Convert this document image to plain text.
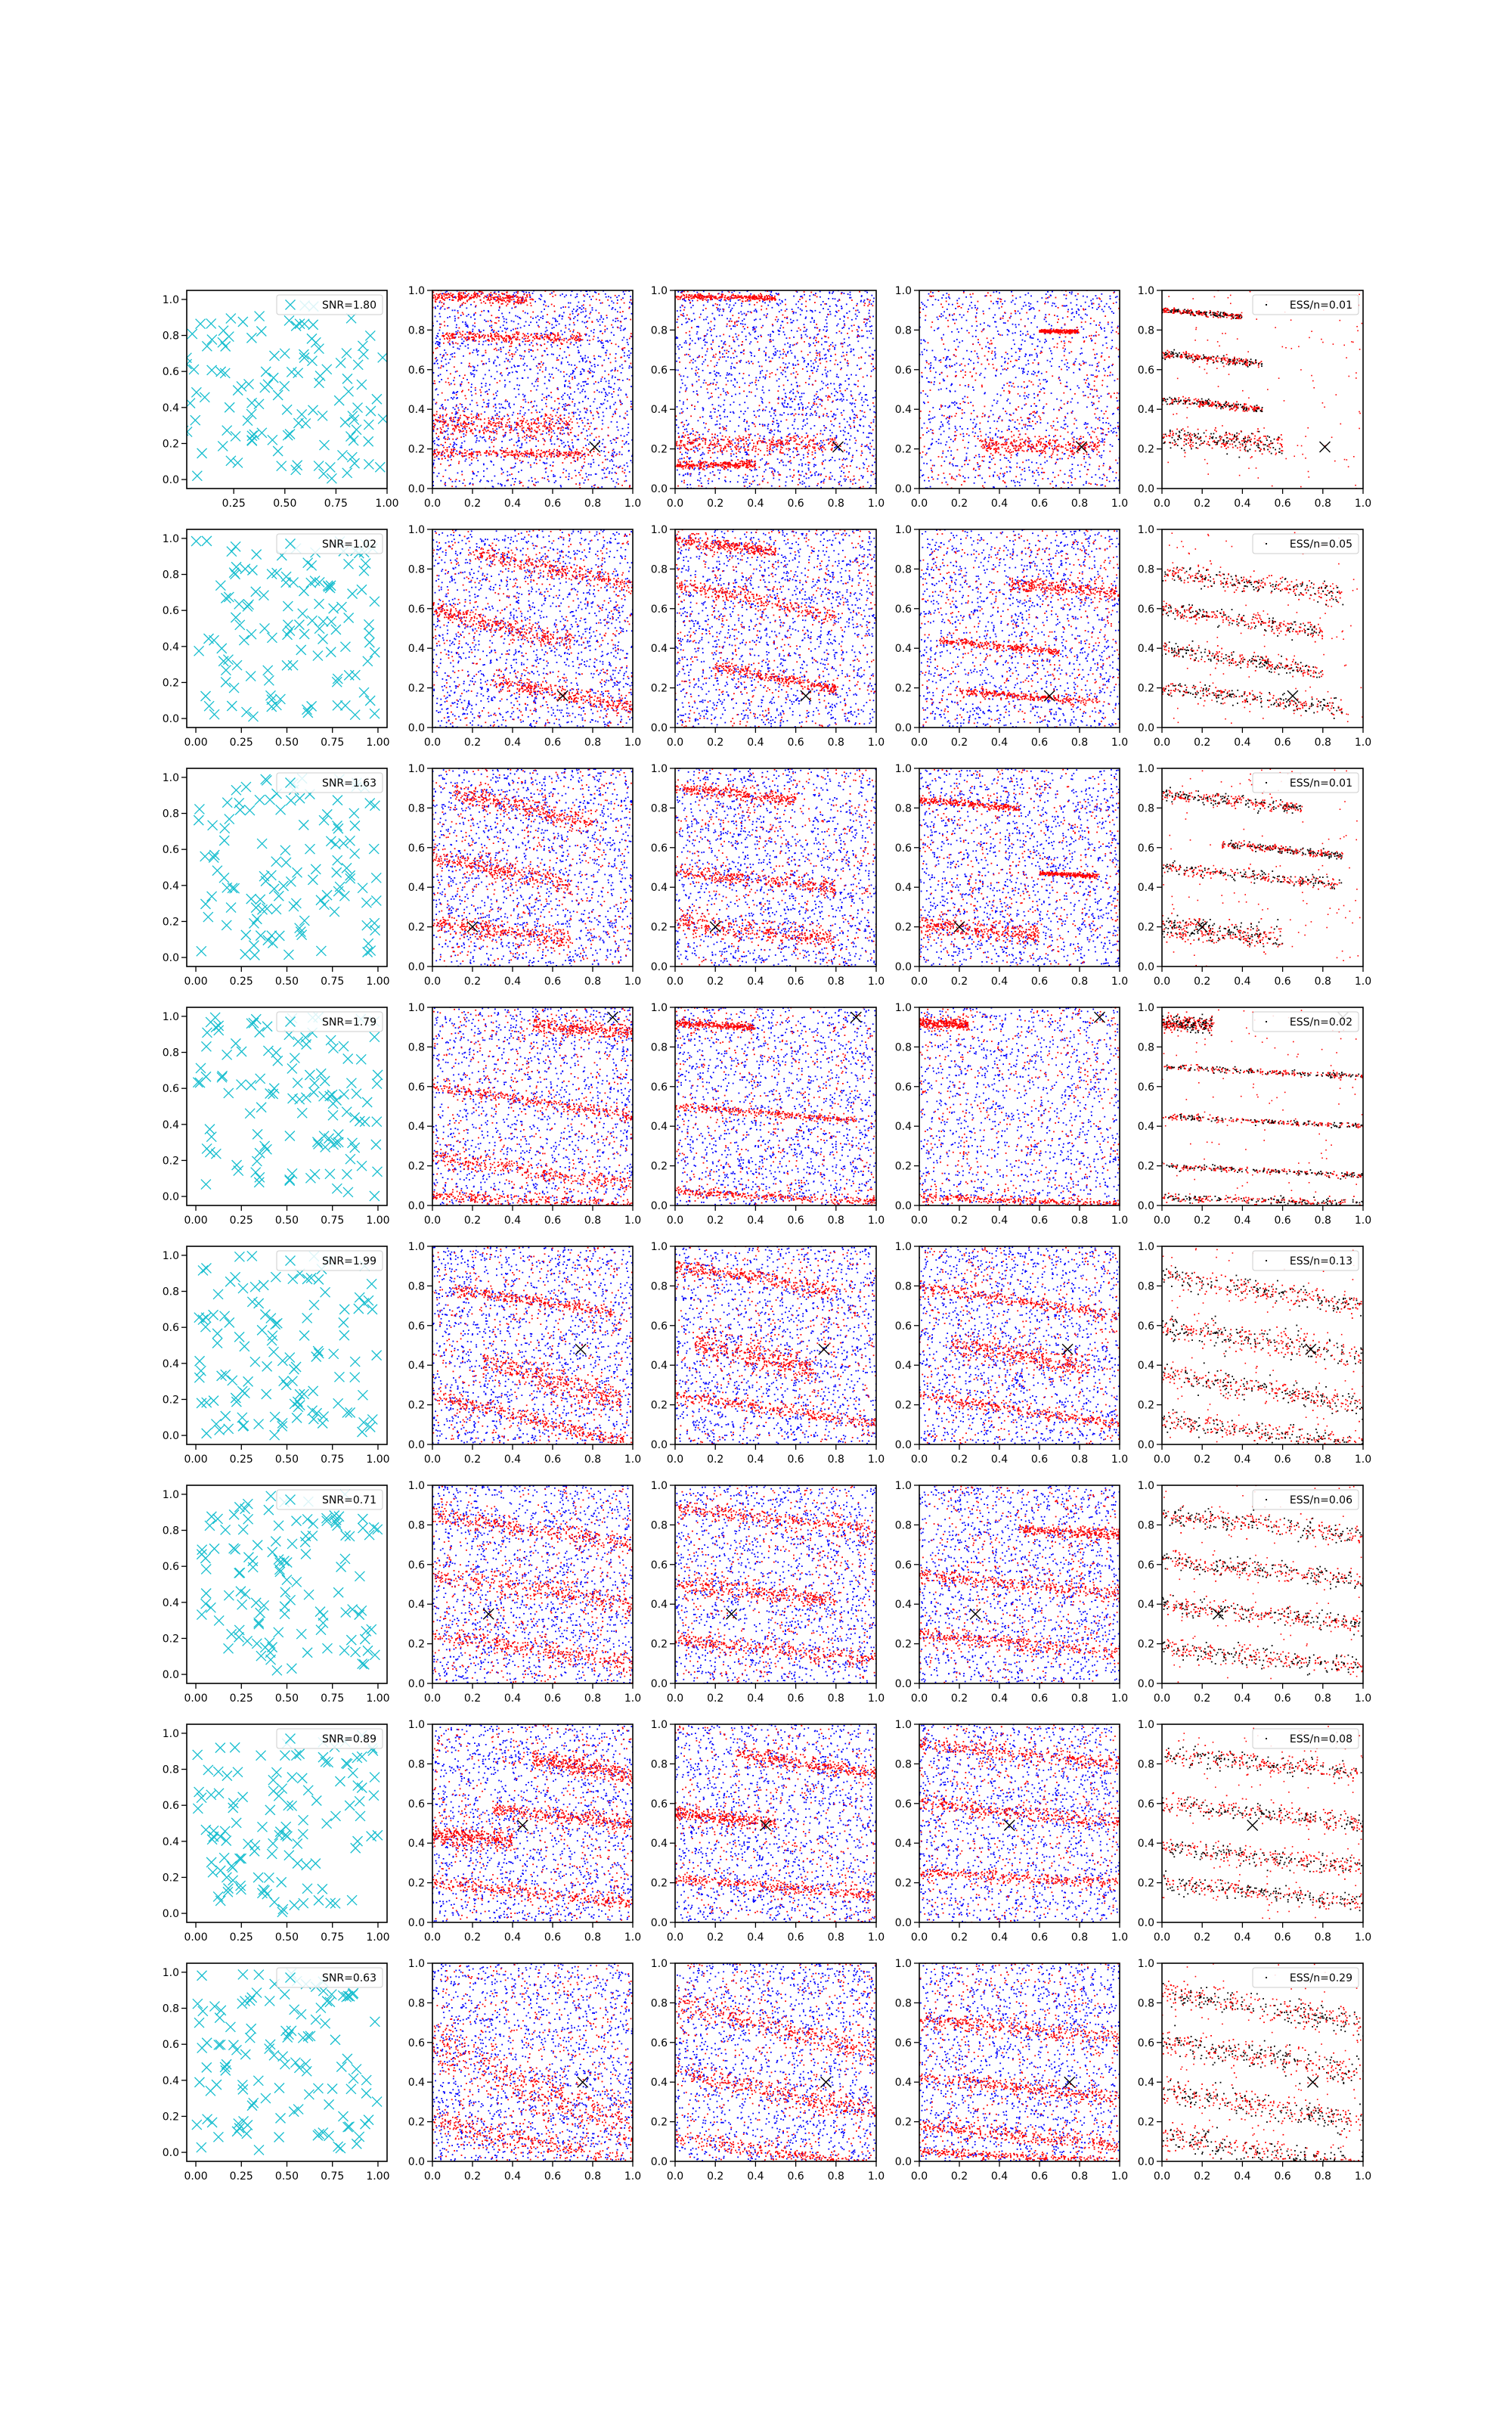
0.25	0.50	0.75	1.00
0.0
0.2
0.4
0.6
0.8
1.0	SNR=1.80
0.00 0.25 0.50 0.75 1.00
0.0
0.2
0.4
0.6
0.8
1.0	SNR=1.02
0.00 0.25 0.50 0.75 1.00
0.0
0.2
0.4
0.6
0.8
1.0	SNR=1.63
0.00 0.25 0.50 0.75 1.00
0.0
0.2
0.4
0.6
0.8
1.0	SNR=1.79
0.00 0.25 0.50 0.75 1.00
0.0
0.2
0.4
0.6
0.8
1.0	SNR=1.99
0.00 0.25 0.50 0.75 1.00
0.0
0.2
0.4
0.6
0.8
1.0	SNR=0.71
0.00 0.25 0.50 0.75 1.00
0.0
0.2
0.4
0.6
0.8
1.0	SNR=0.89
0.00 0.25 0.50 0.75 1.00
0.0
0.2
0.4
0.6
0.8
1.0	SNR=0.63
0.0 0.2 0.4 0.6 0.8 1.0
0.0
0.2
0.4
0.6
0.8
1.0
0.0 0.2 0.4 0.6 0.8 1.0
0.0
0.2
0.4
0.6
0.8
1.0
0.0 0.2 0.4 0.6 0.8 1.0
0.0
0.2
0.4
0.6
0.8
1.0
0.0 0.2 0.4 0.6 0.8 1.0
0.0
0.2
0.4
0.6
0.8
1.0
ESS/n=0.01
0.0 0.2 0.4 0.6 0.8 1.0
0.0
0.2
0.4
0.6
0.8
1.0
0.0 0.2 0.4 0.6 0.8 1.0
0.0
0.2
0.4
0.6
0.8
1.0
0.0 0.2 0.4 0.6 0.8 1.0
0.0
0.2
0.4
0.6
0.8
1.0
0.0 0.2 0.4 0.6 0.8 1.0
0.0
0.2
0.4
0.6
0.8
1.0
ESS/n=0.05
0.0 0.2 0.4 0.6 0.8 1.0
0.0
0.2
0.4
0.6
0.8
1.0
0.0 0.2 0.4 0.6 0.8 1.0
0.0
0.2
0.4
0.6
0.8
1.0
0.0 0.2 0.4 0.6 0.8 1.0
0.0
0.2
0.4
0.6
0.8
1.0
0.0 0.2 0.4 0.6 0.8 1.0
0.0
0.2
0.4
0.6
0.8
1.0
ESS/n=0.01
0.0 0.2 0.4 0.6 0.8 1.0
0.0
0.2
0.4
0.6
0.8
1.0
0.0 0.2 0.4 0.6 0.8 1.0
0.0
0.2
0.4
0.6
0.8
1.0
0.0 0.2 0.4 0.6 0.8 1.0
0.0
0.2
0.4
0.6
0.8
1.0
0.0 0.2 0.4 0.6 0.8 1.0
0.0
0.2
0.4
0.6
0.8
1.0
ESS/n=0.02
0.0 0.2 0.4 0.6 0.8 1.0
0.0
0.2
0.4
0.6
0.8
1.0
0.0 0.2 0.4 0.6 0.8 1.0
0.0
0.2
0.4
0.6
0.8
1.0
0.0 0.2 0.4 0.6 0.8 1.0
0.0
0.2
0.4
0.6
0.8
1.0
0.0 0.2 0.4 0.6 0.8 1.0
0.0
0.2
0.4
0.6
0.8
1.0
ESS/n=0.13
0.0 0.2 0.4 0.6 0.8 1.0
0.0
0.2
0.4
0.6
0.8
1.0
0.0 0.2 0.4 0.6 0.8 1.0
0.0
0.2
0.4
0.6
0.8
1.0
0.0 0.2 0.4 0.6 0.8 1.0
0.0
0.2
0.4
0.6
0.8
1.0
0.0 0.2 0.4 0.6 0.8 1.0
0.0
0.2
0.4
0.6
0.8
1.0
ESS/n=0.06
0.0 0.2 0.4 0.6 0.8 1.0
0.0
0.2
0.4
0.6
0.8
1.0
0.0 0.2 0.4 0.6 0.8 1.0
0.0
0.2
0.4
0.6
0.8
1.0
0.0 0.2 0.4 0.6 0.8 1.0
0.0
0.2
0.4
0.6
0.8
1.0
0.0 0.2 0.4 0.6 0.8 1.0
0.0
0.2
0.4
0.6
0.8
1.0
ESS/n=0.08
0.0 0.2 0.4 0.6 0.8 1.0
0.0
0.2
0.4
0.6
0.8
1.0
0.0 0.2 0.4 0.6 0.8 1.0
0.0
0.2
0.4
0.6
0.8
1.0
0.0 0.2 0.4 0.6 0.8 1.0
0.0
0.2
0.4
0.6
0.8
1.0
0.0 0.2 0.4 0.6 0.8 1.0
0.0
0.2
0.4
0.6
0.8
1.0
ESS/n=0.29
